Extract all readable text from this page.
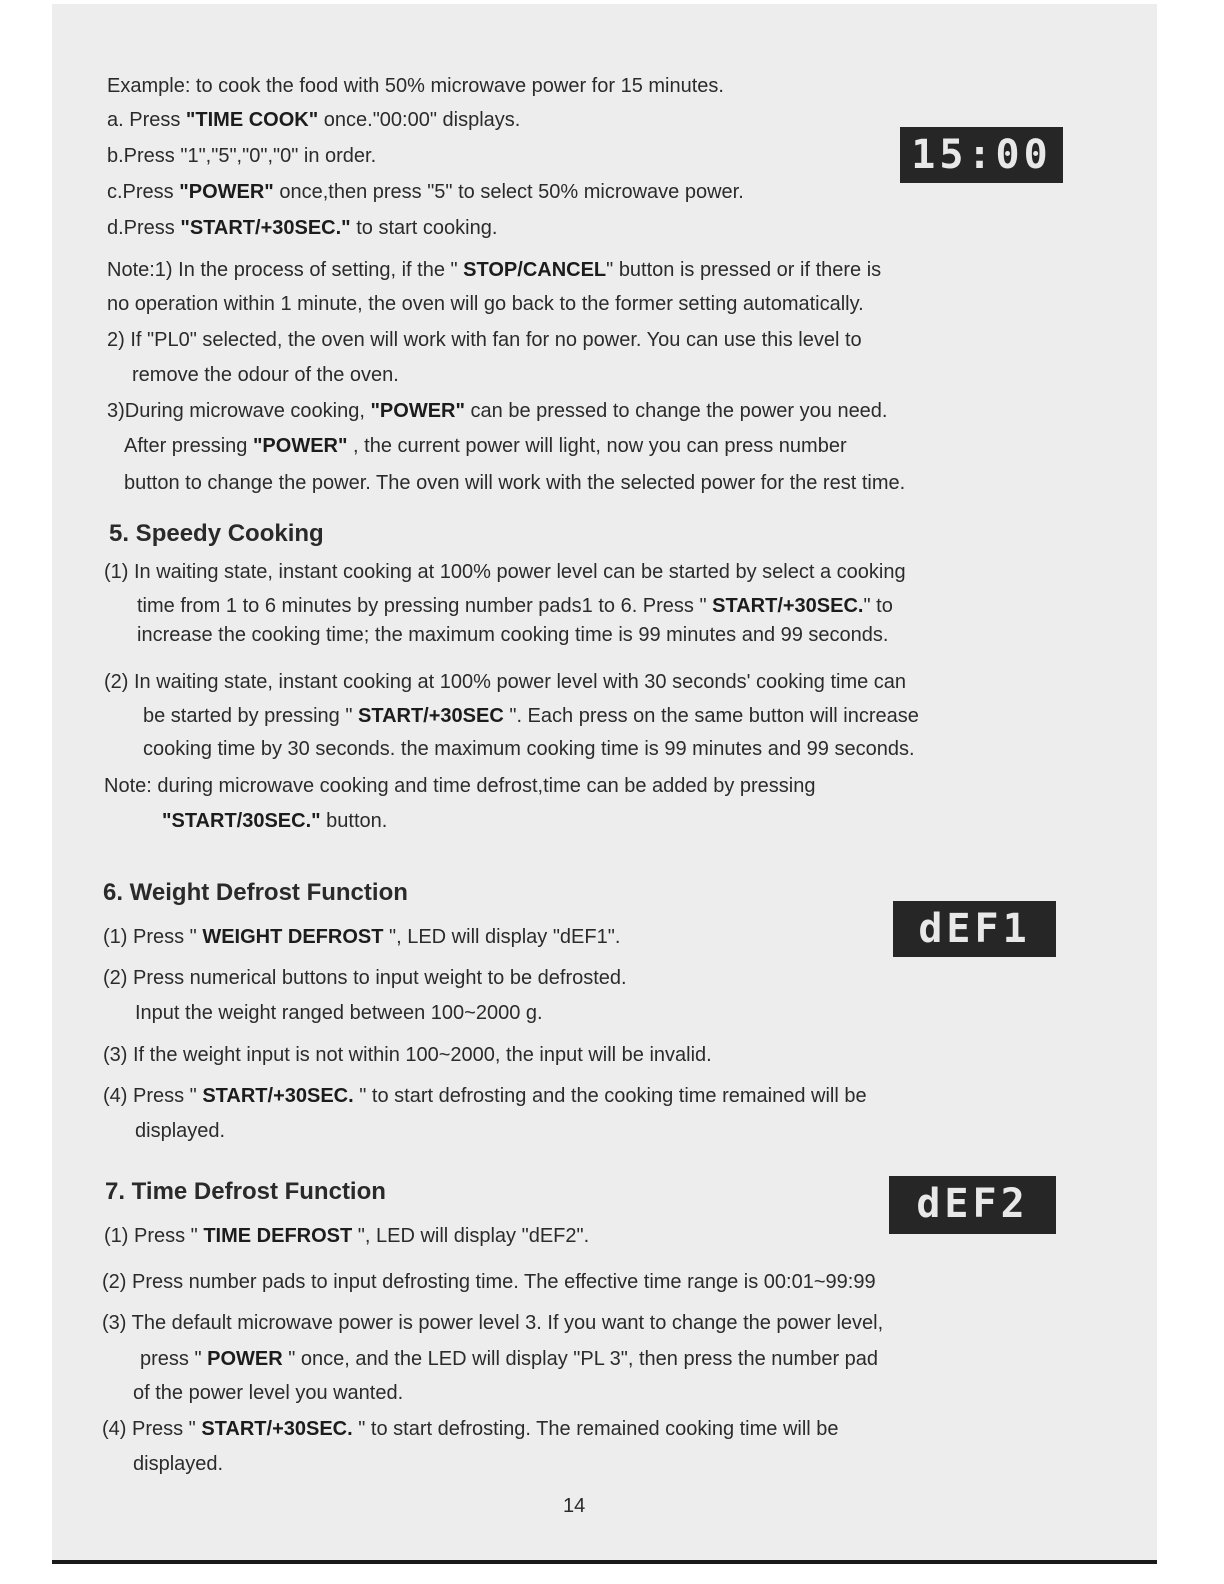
Example: to cook the food with 50% microwave power for 15 minutes.
a. Press "TIME COOK" once."00:00" displays.
b.Press "1","5","0","0" in order.
c.Press "POWER" once,then press "5" to select 50% microwave power.
d.Press "START/+30SEC." to start cooking.
15:00
Note:1) In the process of setting, if the " STOP/CANCEL" button is pressed or if there is
no operation within 1 minute, the oven will go back to the former setting automatically.
2) If "PL0" selected, the oven will work with fan for no power. You can use this level to
remove the odour of the oven.
3)During microwave cooking, "POWER" can be pressed to change the power you need.
After pressing "POWER" , the current power will light, now you can press number
button to change the power. The oven will work with the selected power for the rest time.
5. Speedy Cooking
(1) In waiting state, instant cooking at 100% power level can be started by select a cooking
time from 1 to 6 minutes by pressing number pads1 to 6. Press " START/+30SEC." to
increase the cooking time; the maximum cooking time is 99 minutes and 99 seconds.
(2) In waiting state, instant cooking at 100% power level with 30 seconds' cooking time can
be started by pressing " START/+30SEC ". Each press on the same button will increase
cooking time by 30 seconds. the maximum cooking time is 99 minutes and 99 seconds.
Note: during microwave cooking and time defrost,time can be added by pressing
"START/30SEC." button.
6. Weight Defrost Function
(1) Press " WEIGHT DEFROST ", LED will display "dEF1".
(2) Press numerical buttons to input weight to be defrosted.
Input the weight ranged between 100~2000 g.
(3) If the weight input is not within 100~2000, the input will be invalid.
(4) Press " START/+30SEC. " to start defrosting and the cooking time remained will be
displayed.
dEF1
7. Time Defrost Function
(1) Press " TIME DEFROST ", LED will display "dEF2".
(2) Press number pads to input defrosting time. The effective time range is 00:01~99:99
(3) The default microwave power is power level 3. If you want to change the power level,
press " POWER " once, and the LED will display "PL 3", then press the number pad
of the power level you wanted.
(4) Press " START/+30SEC. " to start defrosting. The remained cooking time will be
displayed.
dEF2
14
